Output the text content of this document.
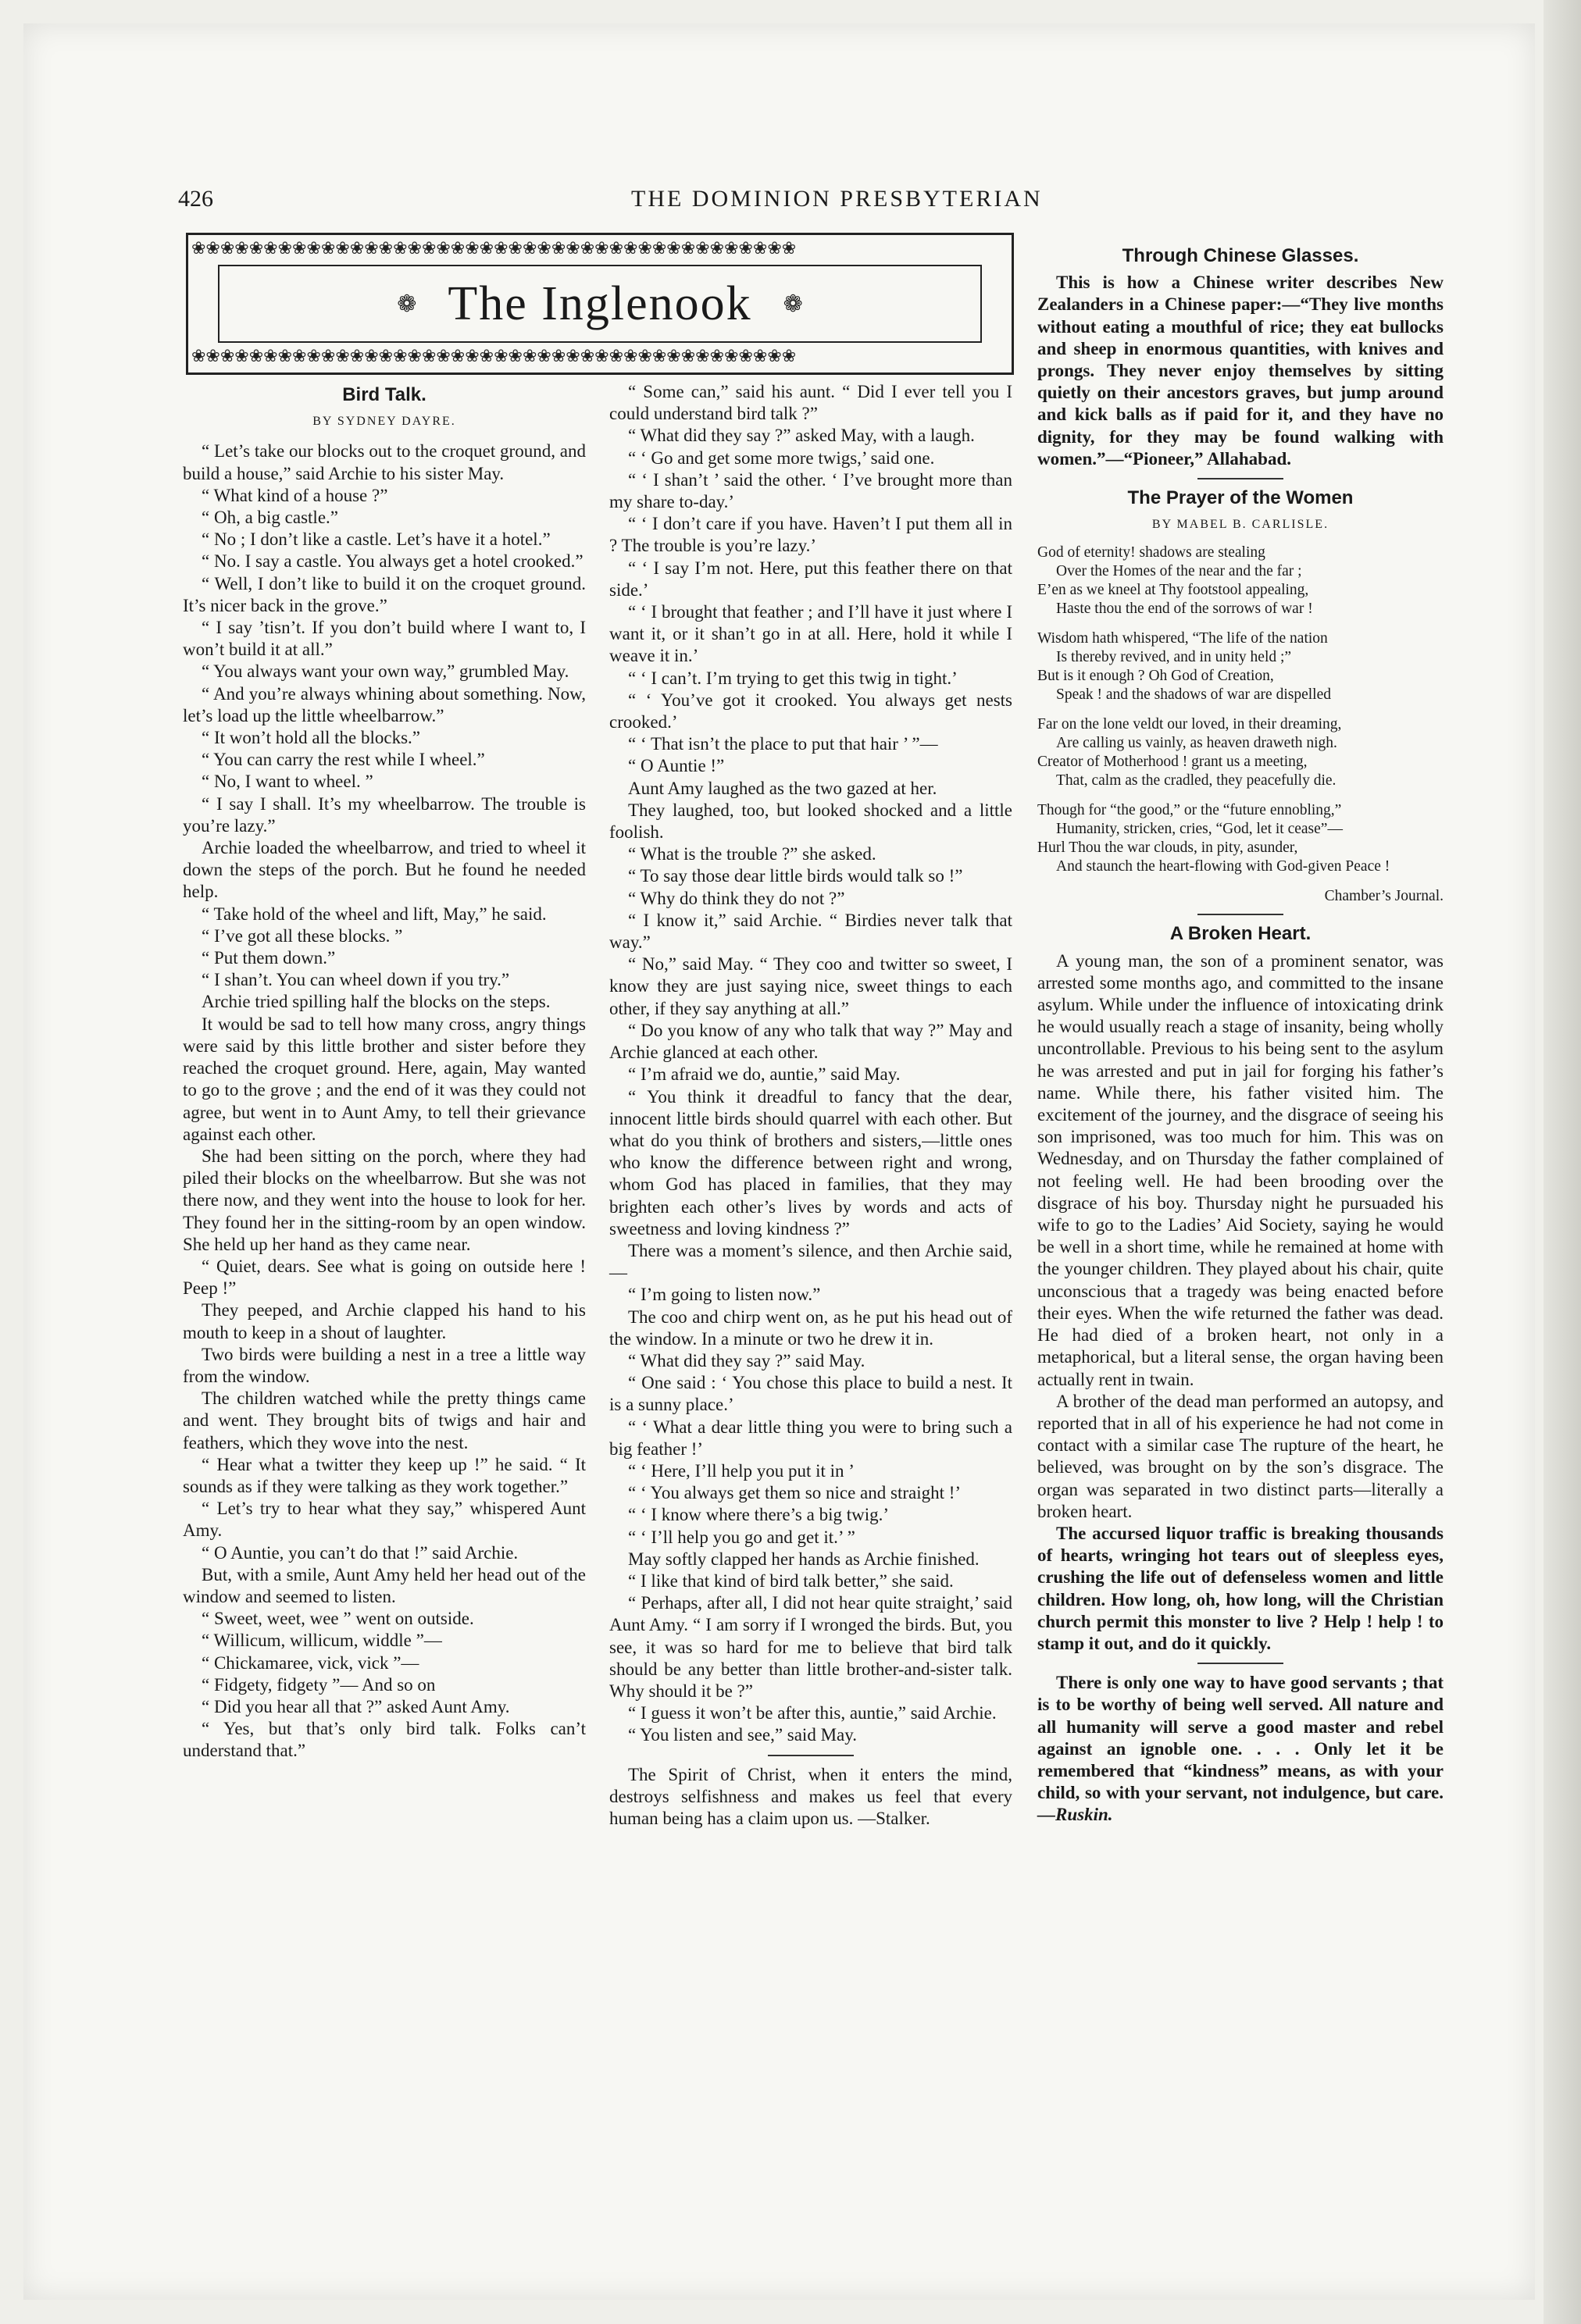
426	THE DOMINION PRESBYTERIAN
❁ The Inglenook ❁
❀❀❀❀❀❀❀❀❀❀❀❀❀❀❀❀❀❀❀❀❀❀❀❀❀❀❀❀❀❀❀❀❀❀❀❀❀❀❀❀❀❀
❀❀❀❀❀❀❀❀❀❀❀❀❀❀❀❀❀❀❀❀❀❀❀❀❀❀❀❀❀❀❀❀❀❀❀❀❀❀❀❀❀❀
Bird Talk.
BY SYDNEY DAYRE.

“ Let’s take our blocks out to the croquet ground, and build a house,” said Archie to his sister May.

“ What kind of a house ?”

“ Oh, a big castle.”

“ No ; I don’t like a castle. Let’s have it a hotel.”

“ No. I say a castle. You always get a hotel crooked.”

“ Well, I don’t like to build it on the croquet ground. It’s nicer back in the grove.”

“ I say ’tisn’t. If you don’t build where I want to, I won’t build it at all.”

“ You always want your own way,” grumbled May.

“ And you’re always whining about something. Now, let’s load up the little wheelbarrow.”

“ It won’t hold all the blocks.”

“ You can carry the rest while I wheel.”

“ No, I want to wheel. ”

“ I say I shall. It’s my wheelbarrow. The trouble is you’re lazy.”

Archie loaded the wheelbarrow, and tried to wheel it down the steps of the porch. But he found he needed help.

“ Take hold of the wheel and lift, May,” he said.

“ I’ve got all these blocks. ”

“ Put them down.”

“ I shan’t. You can wheel down if you try.”

Archie tried spilling half the blocks on the steps.

It would be sad to tell how many cross, angry things were said by this little brother and sister before they reached the croquet ground. Here, again, May wanted to go to the grove ; and the end of it was they could not agree, but went in to Aunt Amy, to tell their grievance against each other.

She had been sitting on the porch, where they had piled their blocks on the wheelbarrow. But she was not there now, and they went into the house to look for her. They found her in the sitting-room by an open window. She held up her hand as they came near.

“ Quiet, dears. See what is going on outside here ! Peep !”

They peeped, and Archie clapped his hand to his mouth to keep in a shout of laughter.

Two birds were building a nest in a tree a little way from the window.

The children watched while the pretty things came and went. They brought bits of twigs and hair and feathers, which they wove into the nest.

“ Hear what a twitter they keep up !” he said. “ It sounds as if they were talking as they work together.”

“ Let’s try to hear what they say,” whispered Aunt Amy.

“ O Auntie, you can’t do that !” said Archie.

But, with a smile, Aunt Amy held her head out of the window and seemed to listen.

“ Sweet, weet, wee ” went on outside.

“ Willicum, willicum, widdle ”—

“ Chickamaree, vick, vick ”—

“ Fidgety, fidgety ”— And so on

“ Did you hear all that ?” asked Aunt Amy.

“ Yes, but that’s only bird talk. Folks can’t understand that.”

“ Some can,” said his aunt. “ Did I ever tell you I could understand bird talk ?”

“ What did they say ?” asked May, with a laugh.

“ ‘ Go and get some more twigs,’ said one.

“ ‘ I shan’t ’ said the other. ‘ I’ve brought more than my share to-day.’

“ ‘ I don’t care if you have. Haven’t I put them all in ? The trouble is you’re lazy.’

“ ‘ I say I’m not. Here, put this feather there on that side.’

“ ‘ I brought that feather ; and I’ll have it just where I want it, or it shan’t go in at all. Here, hold it while I weave it in.’

“ ‘ I can’t. I’m trying to get this twig in tight.’

“ ‘ You’ve got it crooked. You always get nests crooked.’

“ ‘ That isn’t the place to put that hair ’ ”—

“ O Auntie !”

Aunt Amy laughed as the two gazed at her.

They laughed, too, but looked shocked and a little foolish.

“ What is the trouble ?” she asked.

“ To say those dear little birds would talk so !”

“ Why do think they do not ?”

“ I know it,” said Archie. “ Birdies never talk that way.”

“ No,” said May. “ They coo and twitter so sweet, I know they are just saying nice, sweet things to each other, if they say anything at all.”

“ Do you know of any who talk that way ?” May and Archie glanced at each other.

“ I’m afraid we do, auntie,” said May.

“ You think it dreadful to fancy that the dear, innocent little birds should quarrel with each other. But what do you think of brothers and sisters,—little ones who know the difference between right and wrong, whom God has placed in families, that they may brighten each other’s lives by words and acts of sweetness and loving kindness ?”

There was a moment’s silence, and then Archie said,—

“ I’m going to listen now.”

The coo and chirp went on, as he put his head out of the window. In a minute or two he drew it in.

“ What did they say ?” said May.

“ One said : ‘ You chose this place to build a nest. It is a sunny place.’

“ ‘ What a dear little thing you were to bring such a big feather !’

“ ‘ Here, I’ll help you put it in ’

“ ‘ You always get them so nice and straight !’

“ ‘ I know where there’s a big twig.’

“ ‘ I’ll help you go and get it.’ ”

May softly clapped her hands as Archie finished.

“ I like that kind of bird talk better,” she said.

“ Perhaps, after all, I did not hear quite straight,’ said Aunt Amy. “ I am sorry if I wronged the birds. But, you see, it was so hard for me to believe that bird talk should be any better than little brother-and-sister talk. Why should it be ?”

“ I guess it won’t be after this, auntie,” said Archie.

“ You listen and see,” said May.

The Spirit of Christ, when it enters the mind, destroys selfishness and makes us feel that every human being has a claim upon us. —Stalker.

Through Chinese Glasses.

This is how a Chinese writer describes New Zealanders in a Chinese paper:—“They live months without eating a mouthful of rice; they eat bullocks and sheep in enormous quantities, with knives and prongs. They never enjoy themselves by sitting quietly on their ancestors graves, but jump around and kick balls as if paid for it, and they have no dignity, for they may be found walking with women.”—“Pioneer,” Allahabad.

The Prayer of the Women
BY MABEL B. CARLISLE.
God of eternity! shadows are stealing
Over the Homes of the near and the far ;
E’en as we kneel at Thy footstool appealing,
Haste thou the end of the sorrows of war !
Wisdom hath whispered, “The life of the nation
Is thereby revived, and in unity held ;”
But is it enough ? Oh God of Creation,
Speak ! and the shadows of war are dispelled
Far on the lone veldt our loved, in their dreaming,
Are calling us vainly, as heaven draweth nigh.
Creator of Motherhood ! grant us a meeting,
That, calm as the cradled, they peacefully die.
Though for “the good,” or the “future ennobling,”
Humanity, stricken, cries, “God, let it cease”—
Hurl Thou the war clouds, in pity, asunder,
And staunch the heart-flowing with God-given Peace !
Chamber’s Journal.
A Broken Heart.

A young man, the son of a prominent senator, was arrested some months ago, and committed to the insane asylum. While under the influence of intoxicating drink he would usually reach a stage of insanity, being wholly uncontrollable. Previous to his being sent to the asylum he was arrested and put in jail for forging his father’s name. While there, his father visited him. The excitement of the journey, and the disgrace of seeing his son imprisoned, was too much for him. This was on Wednesday, and on Thursday the father complained of not feeling well. He had been brooding over the disgrace of his boy. Thursday night he pursuaded his wife to go to the Ladies’ Aid Society, saying he would be well in a short time, while he remained at home with the younger children. They played about his chair, quite unconscious that a tragedy was being enacted before their eyes. When the wife returned the father was dead. He had died of a broken heart, not only in a metaphorical, but a literal sense, the organ having been actually rent in twain.

A brother of the dead man performed an autopsy, and reported that in all of his experience he had not come in contact with a similar case The rupture of the heart, he believed, was brought on by the son’s disgrace. The organ was separated in two distinct parts—literally a broken heart.

The accursed liquor traffic is breaking thousands of hearts, wringing hot tears out of sleepless eyes, crushing the life out of defenseless women and little children. How long, oh, how long, will the Christian church permit this monster to live ? Help ! help ! to stamp it out, and do it quickly.

There is only one way to have good servants ; that is to be worthy of being well served. All nature and all humanity will serve a good master and rebel against an ignoble one. . . . Only let it be remembered that “kindness” means, as with your child, so with your servant, not indulgence, but care. —Ruskin.
